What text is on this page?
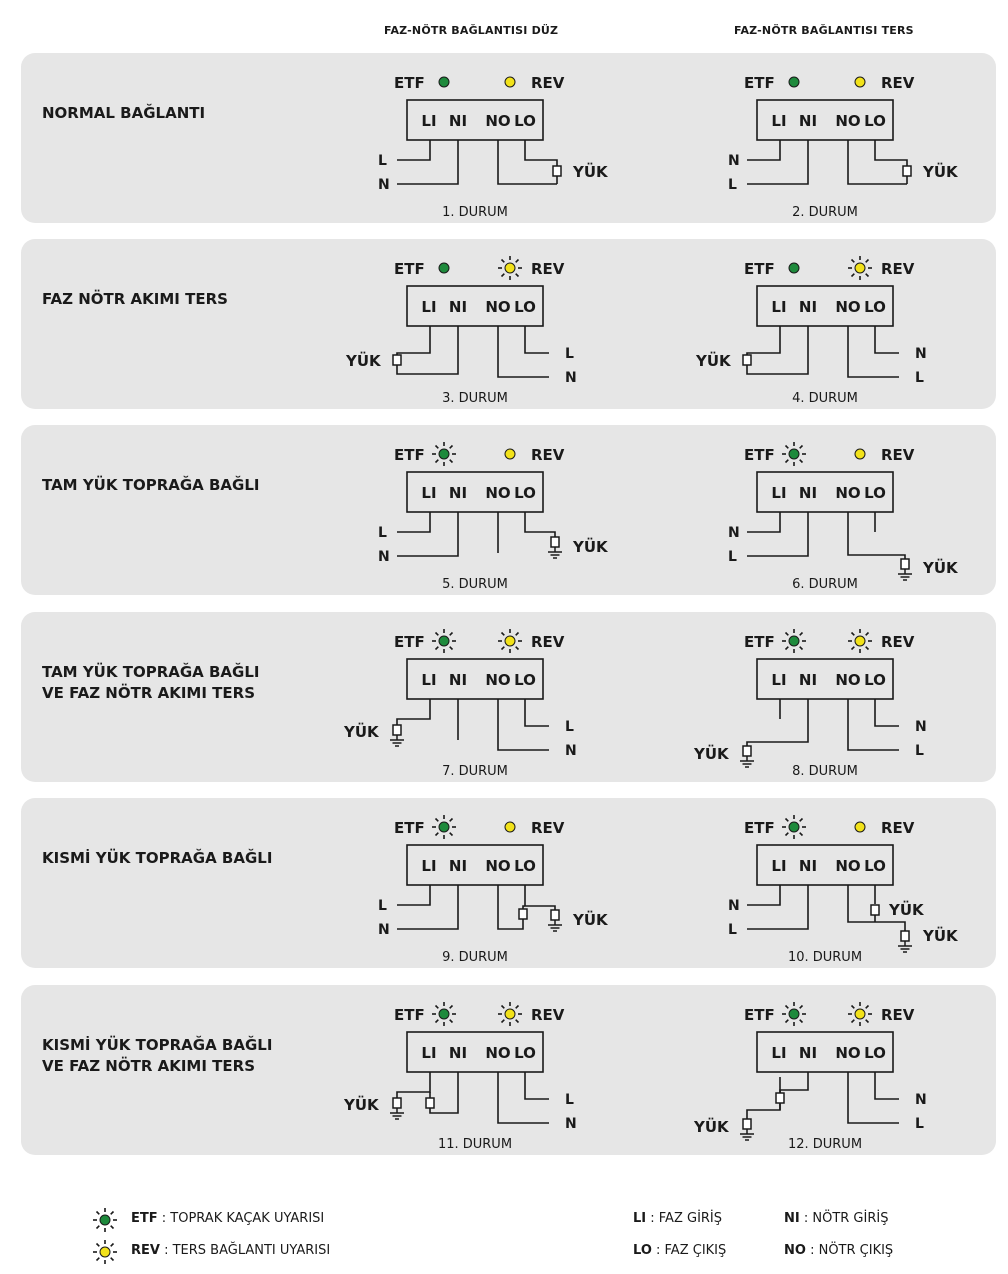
FAZ-NÖTR BAĞLANTISI DÜZ	FAZ-NÖTR BAĞLANTISI TERS
NORMAL BAĞLANTI
FAZ NÖTR AKIMI TERS
TAM YÜK TOPRAĞA BAĞLI
TAM YÜK TOPRAĞA BAĞLI
VE FAZ NÖTR AKIMI TERS
KISMİ YÜK TOPRAĞA BAĞLI
KISMİ YÜK TOPRAĞA BAĞLI
VE FAZ NÖTR AKIMI TERS
ETF	REV
LI NI NO LO
L
N
YÜK
1. DURUM
ETF	REV
LI NI NO LO
N
L
YÜK
2. DURUM
ETF	REV
LI NI NO LO
L
N
YÜK
3. DURUM
ETF	REV
LI NI NO LO
N
L
YÜK
4. DURUM
ETF	REV
LI NI NO LO
L
N
YÜK
5. DURUM
ETF	REV
LI NI NO LO
N
L
YÜK
6. DURUM
ETF	REV
LI NI NO LO
L
N
YÜK
7. DURUM
ETF	REV
LI NI NO LO
N
L
YÜK
8. DURUM
ETF	REV
LI NI NO LO
L
N
YÜK
9. DURUM
ETF	REV
LI NI NO LO
N
L
YÜK
YÜK
10. DURUM
ETF	REV
LI NI NO LO
L
N
YÜK
11. DURUM
ETF	REV
LI NI NO LO
N
L
YÜK
12. DURUM
ETF : TOPRAK KAÇAK UYARISI
REV : TERS BAĞLANTI UYARISI
LI : FAZ GİRİŞ	NI : NÖTR GİRİŞ
LO : FAZ ÇIKIŞ	NO : NÖTR ÇIKIŞ
